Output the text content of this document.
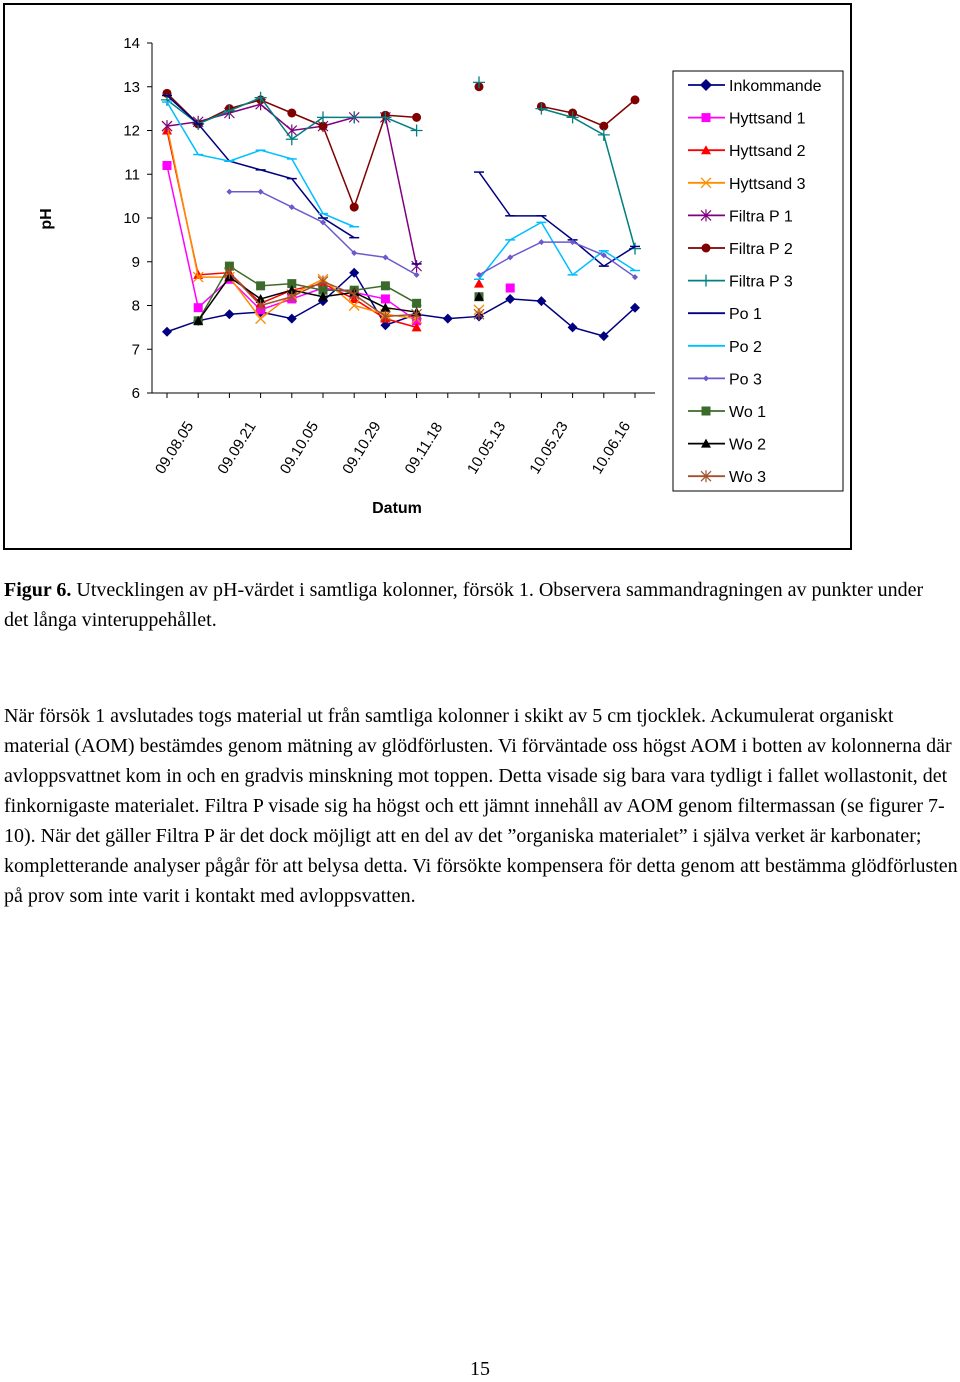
6
7
8
9
10
11
12
13
14
09.08.05 09.09.21 09.10.05 09.10.29 09.11.18 10.05.13 10.05.23 10.06.16
pH
Datum
Inkommande
Hyttsand 1
Hyttsand 2
Hyttsand 3
Filtra P 1
Filtra P 2
Filtra P 3
Po 1
Po 2
Po 3
Wo 1
Wo 2
Wo 3
Figur 6. Utvecklingen av pH-värdet i samtliga kolonner, försök 1. Observera sammandragningen av punkter under det långa vinteruppehållet.
När försök 1 avslutades togs material ut från samtliga kolonner i skikt av 5 cm tjocklek. Ackumulerat organiskt material (AOM) bestämdes genom mätning av glödförlusten. Vi förväntade oss högst AOM i botten av kolonnerna där avloppsvattnet kom in och en gradvis minskning mot toppen. Detta visade sig bara vara tydligt i fallet wollastonit, det finkornigaste materialet. Filtra P visade sig ha högst och ett jämnt innehåll av AOM genom filtermassan (se figurer 7-10). När det gäller Filtra P är det dock möjligt att en del av det ”organiska materialet” i själva verket är karbonater; kompletterande analyser pågår för att belysa detta. Vi försökte kompensera för detta genom att bestämma glödförlusten på prov som inte varit i kontakt med avloppsvatten.
15
